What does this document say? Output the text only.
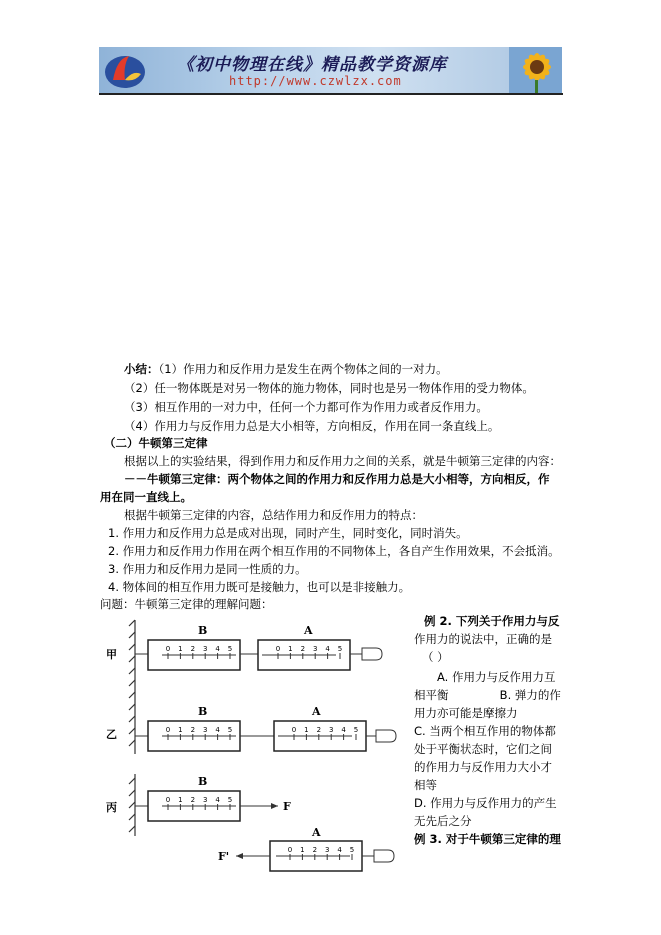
《初中物理在线》精品教学资源库
http://www.czwlzx.com
小结：（1）作用力和反作用力是发生在两个物体之间的一对力。
（2）任一物体既是对另一物体的施力物体，同时也是另一物体作用的受力物体。
（3）相互作用的一对力中，任何一个力都可作为作用力或者反作用力。
（4）作用力与反作用力总是大小相等，方向相反，作用在同一条直线上。
（二）牛顿第三定律
根据以上的实验结果，得到作用力和反作用力之间的关系，就是牛顿第三定律的内容：
－－牛顿第三定律：两个物体之间的作用力和反作用力总是大小相等，方向相反，作
用在同一直线上。
根据牛顿第三定律的内容，总结作用力和反作用力的特点：
1. 作用力和反作用力总是成对出现，同时产生，同时变化，同时消失。
2. 作用力和反作用力作用在两个相互作用的不同物体上，各自产生作用效果，不会抵消。
3. 作用力和反作用力是同一性质的力。
4. 物体间的相互作用力既可是接触力，也可以是非接触力。
问题：牛顿第三定律的理解问题：
甲
乙
丙
B	A
B	A
B
F
A
F'
0 1 2 3 4 5	0 1 2 3 4 5
0 1 2 3 4 5	0 1 2 3 4 5
0 1 2 3 4 5
0 1 2 3 4 5
例 2. 下列关于作用力与反
作用力的说法中，正确的是
（ ）
A. 作用力与反作用力互
相平衡              B. 弹力的作
用力亦可能是摩擦力
C. 当两个相互作用的物体都
处于平衡状态时，它们之间
的作用力与反作用力大小才
相等
D. 作用力与反作用力的产生
无先后之分
例 3. 对于牛顿第三定律的理
